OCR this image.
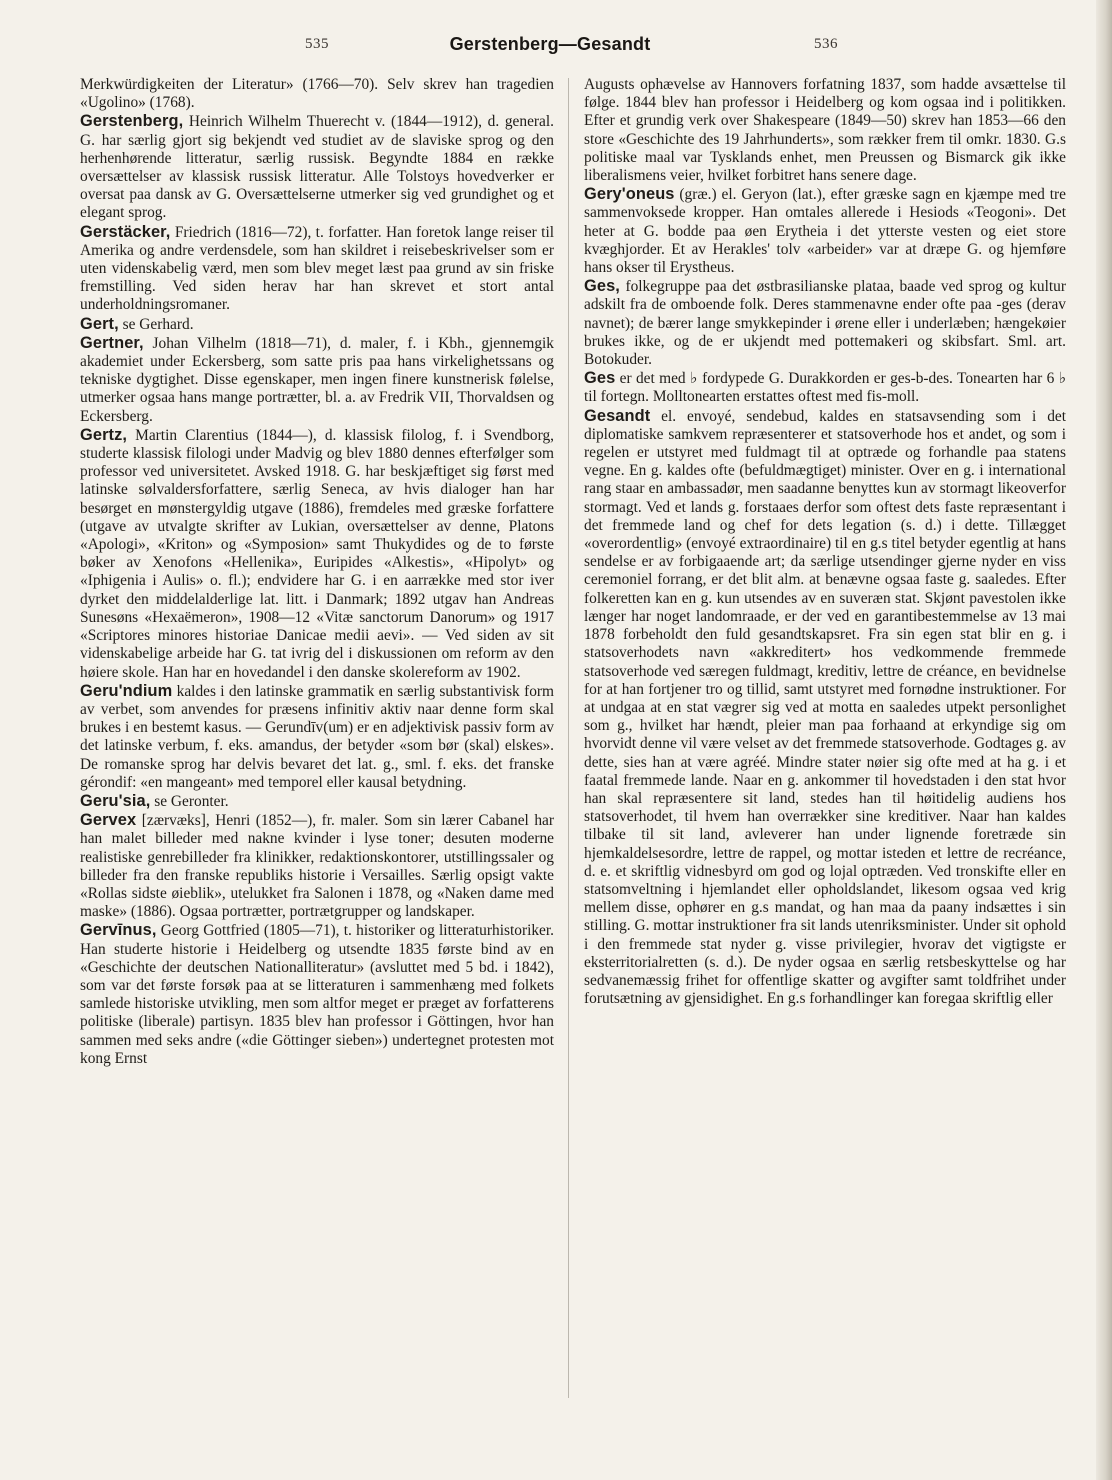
535	Gerstenberg—Gesandt	536

Merkwürdigkeiten der Literatur» (1766—70). Selv skrev han tragedien «Ugolino» (1768).

Gerstenberg, Heinrich Wilhelm Thuerecht v. (1844—1912), d. general. G. har særlig gjort sig bekjendt ved studiet av de slaviske sprog og den herhenhørende litteratur, særlig russisk. Begyndte 1884 en række oversættelser av klassisk russisk litteratur. Alle Tolstoys hovedverker er oversat paa dansk av G. Oversættelserne utmerker sig ved grundighet og et elegant sprog.

Gerstäcker, Friedrich (1816—72), t. forfatter. Han foretok lange reiser til Amerika og andre verdensdele, som han skildret i reisebeskrivelser som er uten videnskabelig værd, men som blev meget læst paa grund av sin friske fremstilling. Ved siden herav har han skrevet et stort antal underholdningsromaner.

Gert, se Gerhard.

Gertner, Johan Vilhelm (1818—71), d. maler, f. i Kbh., gjennemgik akademiet under Eckersberg, som satte pris paa hans virkelighetssans og tekniske dygtighet. Disse egenskaper, men ingen finere kunstnerisk følelse, utmerker ogsaa hans mange portrætter, bl. a. av Fredrik VII, Thorvaldsen og Eckersberg.

Gertz, Martin Clarentius (1844—), d. klassisk filolog, f. i Svendborg, studerte klassisk filologi under Madvig og blev 1880 dennes efterfølger som professor ved universitetet. Avsked 1918. G. har beskjæftiget sig først med latinske sølvaldersforfattere, særlig Seneca, av hvis dialoger han har besørget en mønstergyldig utgave (1886), fremdeles med græske forfattere (utgave av utvalgte skrifter av Lukian, oversættelser av denne, Platons «Apologi», «Kriton» og «Symposion» samt Thukydides og de to første bøker av Xenofons «Hellenika», Euripides «Alkestis», «Hipolyt» og «Iphigenia i Aulis» o. fl.); endvidere har G. i en aarrække med stor iver dyrket den middelalderlige lat. litt. i Danmark; 1892 utgav han Andreas Sunesøns «Hexaëmeron», 1908—12 «Vitæ sanctorum Danorum» og 1917 «Scriptores minores historiae Danicae medii aevi». — Ved siden av sit videnskabelige arbeide har G. tat ivrig del i diskussionen om reform av den høiere skole. Han har en hovedandel i den danske skolereform av 1902.

Geru'ndium kaldes i den latinske grammatik en særlig substantivisk form av verbet, som anvendes for præsens infinitiv aktiv naar denne form skal brukes i en bestemt kasus. — Gerundīv(um) er en adjektivisk passiv form av det latinske verbum, f. eks. amandus, der betyder «som bør (skal) elskes». De romanske sprog har delvis bevaret det lat. g., sml. f. eks. det franske gérondif: «en mangeant» med temporel eller kausal betydning.

Geru'sia, se Geronter.

Gervex [zærvæks], Henri (1852—), fr. maler. Som sin lærer Cabanel har han malet billeder med nakne kvinder i lyse toner; desuten moderne realistiske genrebilleder fra klinikker, redaktionskontorer, utstillingssaler og billeder fra den franske republiks historie i Versailles. Særlig opsigt vakte «Rollas sidste øieblik», utelukket fra Salonen i 1878, og «Naken dame med maske» (1886). Ogsaa portrætter, portrætgrupper og landskaper.

Gervīnus, Georg Gottfried (1805—71), t. historiker og litteraturhistoriker. Han studerte historie i Heidelberg og utsendte 1835 første bind av en «Geschichte der deutschen Nationalliteratur» (avsluttet med 5 bd. i 1842), som var det første forsøk paa at se litteraturen i sammenhæng med folkets samlede historiske utvikling, men som altfor meget er præget av forfatterens politiske (liberale) partisyn. 1835 blev han professor i Göttingen, hvor han sammen med seks andre («die Göttinger sieben») undertegnet protesten mot kong Ernst

Augusts ophævelse av Hannovers forfatning 1837, som hadde avsættelse til følge. 1844 blev han professor i Heidelberg og kom ogsaa ind i politikken. Efter et grundig verk over Shakespeare (1849—50) skrev han 1853—66 den store «Geschichte des 19 Jahrhunderts», som rækker frem til omkr. 1830. G.s politiske maal var Tysklands enhet, men Preussen og Bismarck gik ikke liberalismens veier, hvilket forbitret hans senere dage.

Gery'oneus (græ.) el. Geryon (lat.), efter græske sagn en kjæmpe med tre sammenvoksede kropper. Han omtales allerede i Hesiods «Teogoni». Det heter at G. bodde paa øen Erytheia i det ytterste vesten og eiet store kvæghjorder. Et av Herakles' tolv «arbeider» var at dræpe G. og hjemføre hans okser til Erystheus.

Ges, folkegruppe paa det østbrasilianske plataa, baade ved sprog og kultur adskilt fra de omboende folk. Deres stammenavne ender ofte paa -ges (derav navnet); de bærer lange smykkepinder i ørene eller i underlæben; hængekøier brukes ikke, og de er ukjendt med pottemakeri og skibsfart. Sml. art. Botokuder.

Ges er det med ♭ fordypede G. Durakkorden er ges-b-des. Tonearten har 6 ♭ til fortegn. Molltonearten erstattes oftest med fis-moll.

Gesandt el. envoyé, sendebud, kaldes en statsavsending som i det diplomatiske samkvem repræsenterer et statsoverhode hos et andet, og som i regelen er utstyret med fuldmagt til at optræde og forhandle paa statens vegne. En g. kaldes ofte (befuldmægtiget) minister. Over en g. i international rang staar en ambassadør, men saadanne benyttes kun av stormagt likeoverfor stormagt. Ved et lands g. forstaaes derfor som oftest dets faste repræsentant i det fremmede land og chef for dets legation (s. d.) i dette. Tillægget «overordentlig» (envoyé extraordinaire) til en g.s titel betyder egentlig at hans sendelse er av forbigaaende art; da særlige utsendinger gjerne nyder en viss ceremoniel forrang, er det blit alm. at benævne ogsaa faste g. saaledes. Efter folkeretten kan en g. kun utsendes av en suveræn stat. Skjønt pavestolen ikke længer har noget landomraade, er der ved en garantibestemmelse av 13 mai 1878 forbeholdt den fuld gesandtskapsret. Fra sin egen stat blir en g. i statsoverhodets navn «akkreditert» hos vedkommende fremmede statsoverhode ved særegen fuldmagt, kreditiv, lettre de créance, en bevidnelse for at han fortjener tro og tillid, samt utstyret med fornødne instruktioner. For at undgaa at en stat vægrer sig ved at motta en saaledes utpekt personlighet som g., hvilket har hændt, pleier man paa forhaand at erkyndige sig om hvorvidt denne vil være velset av det fremmede statsoverhode. Godtages g. av dette, sies han at være agréé. Mindre stater nøier sig ofte med at ha g. i et faatal fremmede lande. Naar en g. ankommer til hovedstaden i den stat hvor han skal repræsentere sit land, stedes han til høitidelig audiens hos statsoverhodet, til hvem han overrækker sine kreditiver. Naar han kaldes tilbake til sit land, avleverer han under lignende foretræde sin hjemkaldelsesordre, lettre de rappel, og mottar isteden et lettre de recréance, d. e. et skriftlig vidnesbyrd om god og lojal optræden. Ved tronskifte eller en statsomveltning i hjemlandet eller opholdslandet, likesom ogsaa ved krig mellem disse, ophører en g.s mandat, og han maa da paany indsættes i sin stilling. G. mottar instruktioner fra sit lands utenriksminister. Under sit ophold i den fremmede stat nyder g. visse privilegier, hvorav det vigtigste er eksterritorialretten (s. d.). De nyder ogsaa en særlig retsbeskyttelse og har sedvanemæssig frihet for offentlige skatter og avgifter samt toldfrihet under forutsætning av gjensidighet. En g.s forhandlinger kan foregaa skriftlig eller
